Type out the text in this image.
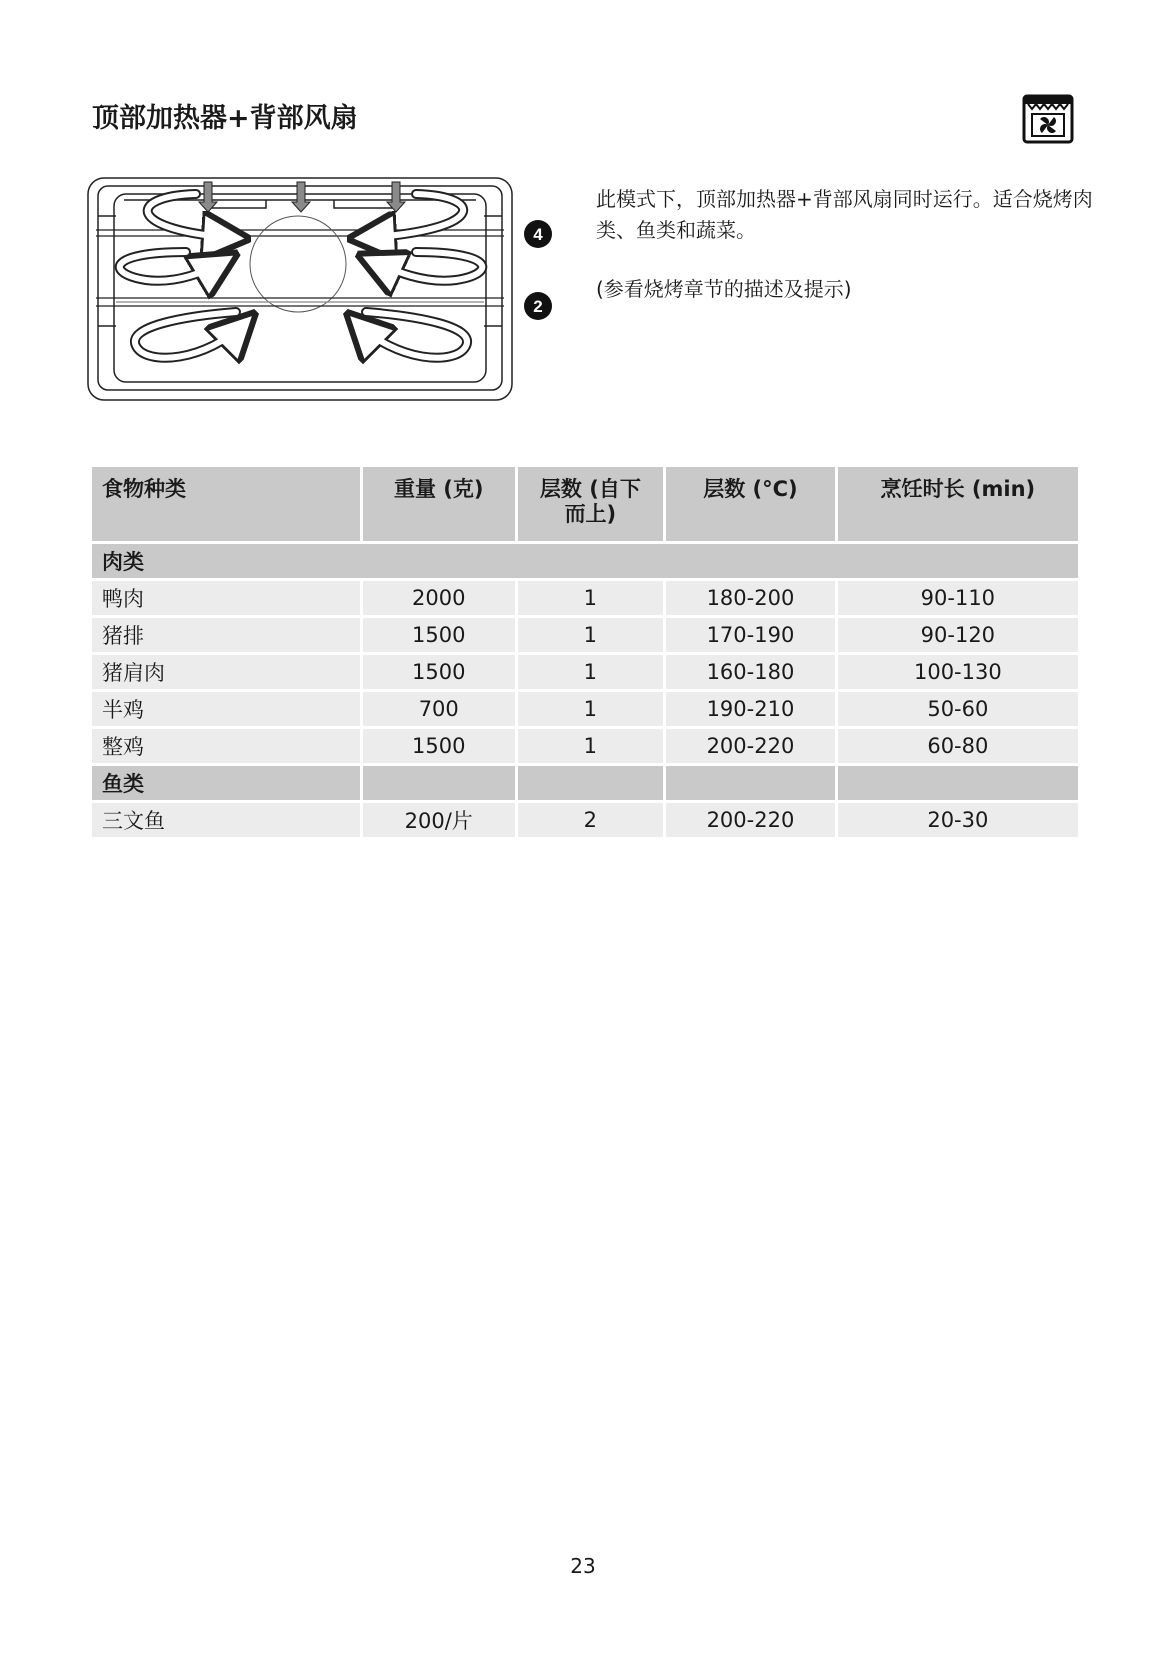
顶部加热器+背部风扇
4
2

此模式下，顶部加热器+背部风扇同时运行。适合烧烤肉类、鱼类和蔬菜。

(参看烧烤章节的描述及提示)

食物种类	重量 (克)	层数 (自下而上)	层数 (°C)	烹饪时长 (min)
肉类				
鸭肉	2000	1	180-200	90-110
猪排	1500	1	170-190	90-120
猪肩肉	1500	1	160-180	100-130
半鸡	700	1	190-210	50-60
整鸡	1500	1	200-220	60-80
鱼类				
三文鱼	200/片	2	200-220	20-30
23
